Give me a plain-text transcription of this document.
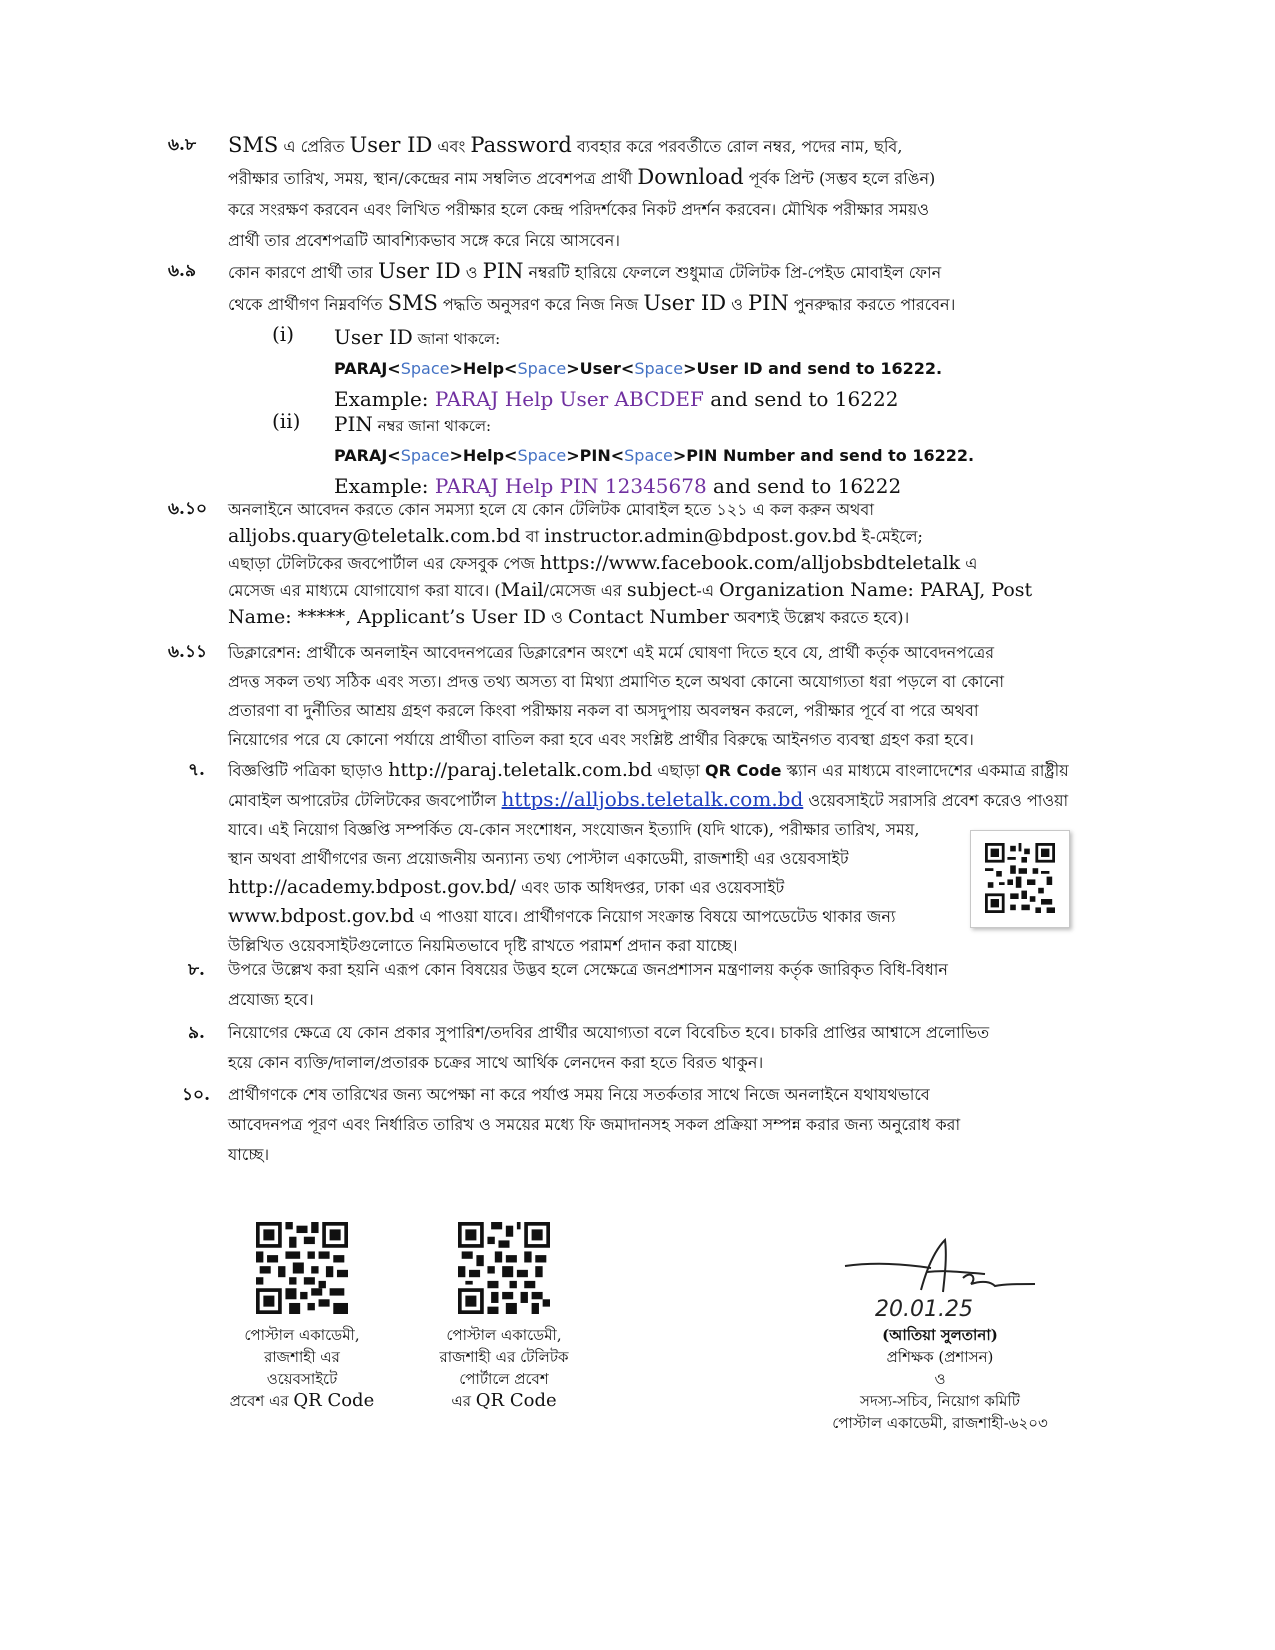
৬.৮ SMS এ প্রেরিত User ID এবং Password ব্যবহার করে পরবর্তীতে রোল নম্বর, পদের নাম, ছবি,
পরীক্ষার তারিখ, সময়, স্থান/কেন্দ্রের নাম সম্বলিত প্রবেশপত্র প্রার্থী Download পূর্বক প্রিন্ট (সম্ভব হলে রঙিন)
করে সংরক্ষণ করবেন এবং লিখিত পরীক্ষার হলে কেন্দ্র পরিদর্শকের নিকট প্রদর্শন করবেন। মৌখিক পরীক্ষার সময়ও
প্রার্থী তার প্রবেশপত্রটি আবশ্যিকভাব সঙ্গে করে নিয়ে আসবেন।
৬.৯ কোন কারণে প্রার্থী তার User ID ও PIN নম্বরটি হারিয়ে ফেললে শুধুমাত্র টেলিটক প্রি-পেইড মোবাইল ফোন
থেকে প্রার্থীগণ নিম্নবর্ণিত SMS পদ্ধতি অনুসরণ করে নিজ নিজ User ID ও PIN পুনরুদ্ধার করতে পারবেন।
(i) User ID জানা থাকলে:
PARAJ<Space>Help<Space>User<Space>User ID and send to 16222.
Example: PARAJ Help User ABCDEF and send to 16222
(ii) PIN নম্বর জানা থাকলে:
PARAJ<Space>Help<Space>PIN<Space>PIN Number and send to 16222.
Example: PARAJ Help PIN 12345678 and send to 16222
৬.১০ অনলাইনে আবেদন করতে কোন সমস্যা হলে যে কোন টেলিটক মোবাইল হতে ১২১ এ কল করুন অথবা
alljobs.quary@teletalk.com.bd বা instructor.admin@bdpost.gov.bd ই-মেইলে;
এছাড়া টেলিটকের জবপোর্টাল এর ফেসবুক পেজ https://www.facebook.com/alljobsbdteletalk এ
মেসেজ এর মাধ্যমে যোগাযোগ করা যাবে। (Mail/মেসেজ এর subject-এ Organization Name: PARAJ, Post
Name: *****, Applicant’s User ID ও Contact Number অবশ্যই উল্লেখ করতে হবে)।
৬.১১ ডিক্লারেশন: প্রার্থীকে অনলাইন আবেদনপত্রের ডিক্লারেশন অংশে এই মর্মে ঘোষণা দিতে হবে যে, প্রার্থী কর্তৃক আবেদনপত্রের
প্রদত্ত সকল তথ্য সঠিক এবং সত্য। প্রদত্ত তথ্য অসত্য বা মিথ্যা প্রমাণিত হলে অথবা কোনো অযোগ্যতা ধরা পড়লে বা কোনো
প্রতারণা বা দুর্নীতির আশ্রয় গ্রহণ করলে কিংবা পরীক্ষায় নকল বা অসদুপায় অবলম্বন করলে, পরীক্ষার পূর্বে বা পরে অথবা
নিয়োগের পরে যে কোনো পর্যায়ে প্রার্থীতা বাতিল করা হবে এবং সংশ্লিষ্ট প্রার্থীর বিরুদ্ধে আইনগত ব্যবস্থা গ্রহণ করা হবে।
৭. বিজ্ঞপ্তিটি পত্রিকা ছাড়াও http://paraj.teletalk.com.bd এছাড়া QR Code স্ক্যান এর মাধ্যমে বাংলাদেশের একমাত্র রাষ্ট্রীয়
মোবাইল অপারেটর টেলিটকের জবপোর্টাল https://alljobs.teletalk.com.bd ওয়েবসাইটে সরাসরি প্রবেশ করেও পাওয়া
যাবে। এই নিয়োগ বিজ্ঞপ্তি সম্পর্কিত যে-কোন সংশোধন, সংযোজন ইত্যাদি (যদি থাকে), পরীক্ষার তারিখ, সময়,
স্থান অথবা প্রার্থীগণের জন্য প্রয়োজনীয় অন্যান্য তথ্য পোস্টাল একাডেমী, রাজশাহী এর ওয়েবসাইট
http://academy.bdpost.gov.bd/ এবং ডাক অধিদপ্তর, ঢাকা এর ওয়েবসাইট
www.bdpost.gov.bd এ পাওয়া যাবে। প্রার্থীগণকে নিয়োগ সংক্রান্ত বিষয়ে আপডেটেড থাকার জন্য
উল্লিখিত ওয়েবসাইটগুলোতে নিয়মিতভাবে দৃষ্টি রাখতে পরামর্শ প্রদান করা যাচ্ছে।
৮. উপরে উল্লেখ করা হয়নি এরূপ কোন বিষয়ের উদ্ভব হলে সেক্ষেত্রে জনপ্রশাসন মন্ত্রণালয় কর্তৃক জারিকৃত বিধি-বিধান
প্রযোজ্য হবে।
৯. নিয়োগের ক্ষেত্রে যে কোন প্রকার সুপারিশ/তদবির প্রার্থীর অযোগ্যতা বলে বিবেচিত হবে। চাকরি প্রাপ্তির আশ্বাসে প্রলোভিত
হয়ে কোন ব্যক্তি/দালাল/প্রতারক চক্রের সাথে আর্থিক লেনদেন করা হতে বিরত থাকুন।
১০. প্রার্থীগণকে শেষ তারিখের জন্য অপেক্ষা না করে পর্যাপ্ত সময় নিয়ে সতর্কতার সাথে নিজে অনলাইনে যথাযথভাবে
আবেদনপত্র পূরণ এবং নির্ধারিত তারিখ ও সময়ের মধ্যে ফি জমাদানসহ সকল প্রক্রিয়া সম্পন্ন করার জন্য অনুরোধ করা
যাচ্ছে।
পোস্টাল একাডেমী,
রাজশাহী এর
ওয়েবসাইটে
প্রবেশ এর QR Code
পোস্টাল একাডেমী,
রাজশাহী এর টেলিটক
পোর্টালে প্রবেশ
এর QR Code
20.01.25
(আতিয়া সুলতানা)
প্রশিক্ষক (প্রশাসন)
ও
সদস্য-সচিব, নিয়োগ কমিটি
পোস্টাল একাডেমী, রাজশাহী-৬২০৩
